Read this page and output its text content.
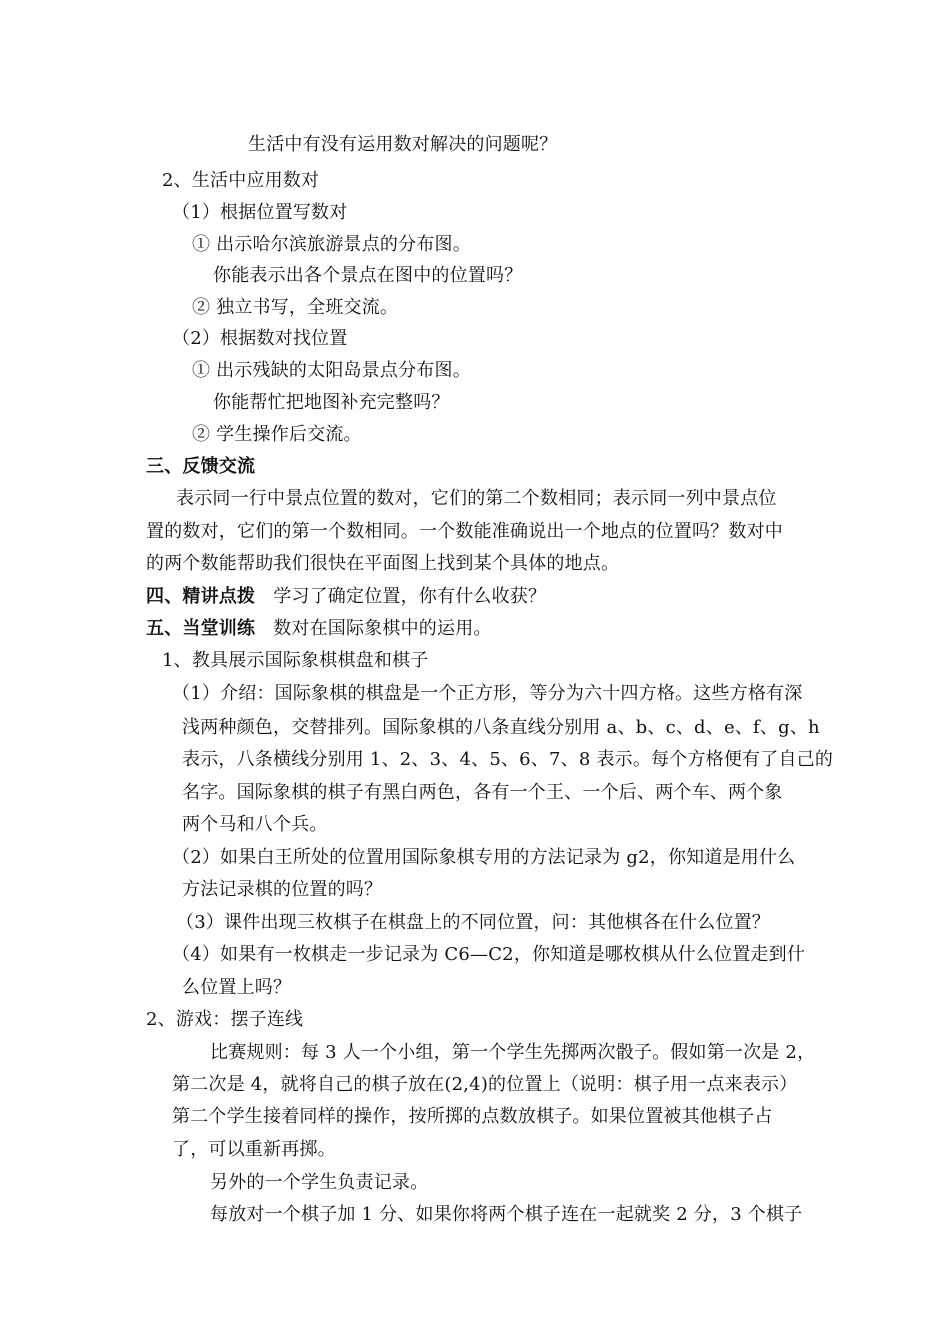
生活中有没有运用数对解决的问题呢？
2、生活中应用数对
（1）根据位置写数对
① 出示哈尔滨旅游景点的分布图。
你能表示出各个景点在图中的位置吗？
② 独立书写，全班交流。
（2）根据数对找位置
① 出示残缺的太阳岛景点分布图。
你能帮忙把地图补充完整吗？
② 学生操作后交流。
三、反馈交流
表示同一行中景点位置的数对，它们的第二个数相同；表示同一列中景点位
置的数对，它们的第一个数相同。一个数能准确说出一个地点的位置吗？数对中
的两个数能帮助我们很快在平面图上找到某个具体的地点。
四、精讲点拨 学习了确定位置，你有什么收获？
五、当堂训练 数对在国际象棋中的运用。
1、教具展示国际象棋棋盘和棋子
（1）介绍：国际象棋的棋盘是一个正方形，等分为六十四方格。这些方格有深
浅两种颜色，交替排列。国际象棋的八条直线分别用 a、b、c、d、e、f、g、h
表示，八条横线分别用 1、2、3、4、5、6、7、8 表示。每个方格便有了自己的
名字。国际象棋的棋子有黑白两色，各有一个王、一个后、两个车、两个象
两个马和八个兵。
（2）如果白王所处的位置用国际象棋专用的方法记录为 g2，你知道是用什么
方法记录棋的位置的吗？
（3）课件出现三枚棋子在棋盘上的不同位置，问：其他棋各在什么位置？
（4）如果有一枚棋走一步记录为 C6—C2，你知道是哪枚棋从什么位置走到什
么位置上吗？
2、游戏：摆子连线
比赛规则：每 3 人一个小组，第一个学生先掷两次骰子。假如第一次是 2，
第二次是 4，就将自己的棋子放在(2,4)的位置上（说明：棋子用一点来表示）
第二个学生接着同样的操作，按所掷的点数放棋子。如果位置被其他棋子占
了，可以重新再掷。
另外的一个学生负责记录。
每放对一个棋子加 1 分、如果你将两个棋子连在一起就奖 2 分，3 个棋子
